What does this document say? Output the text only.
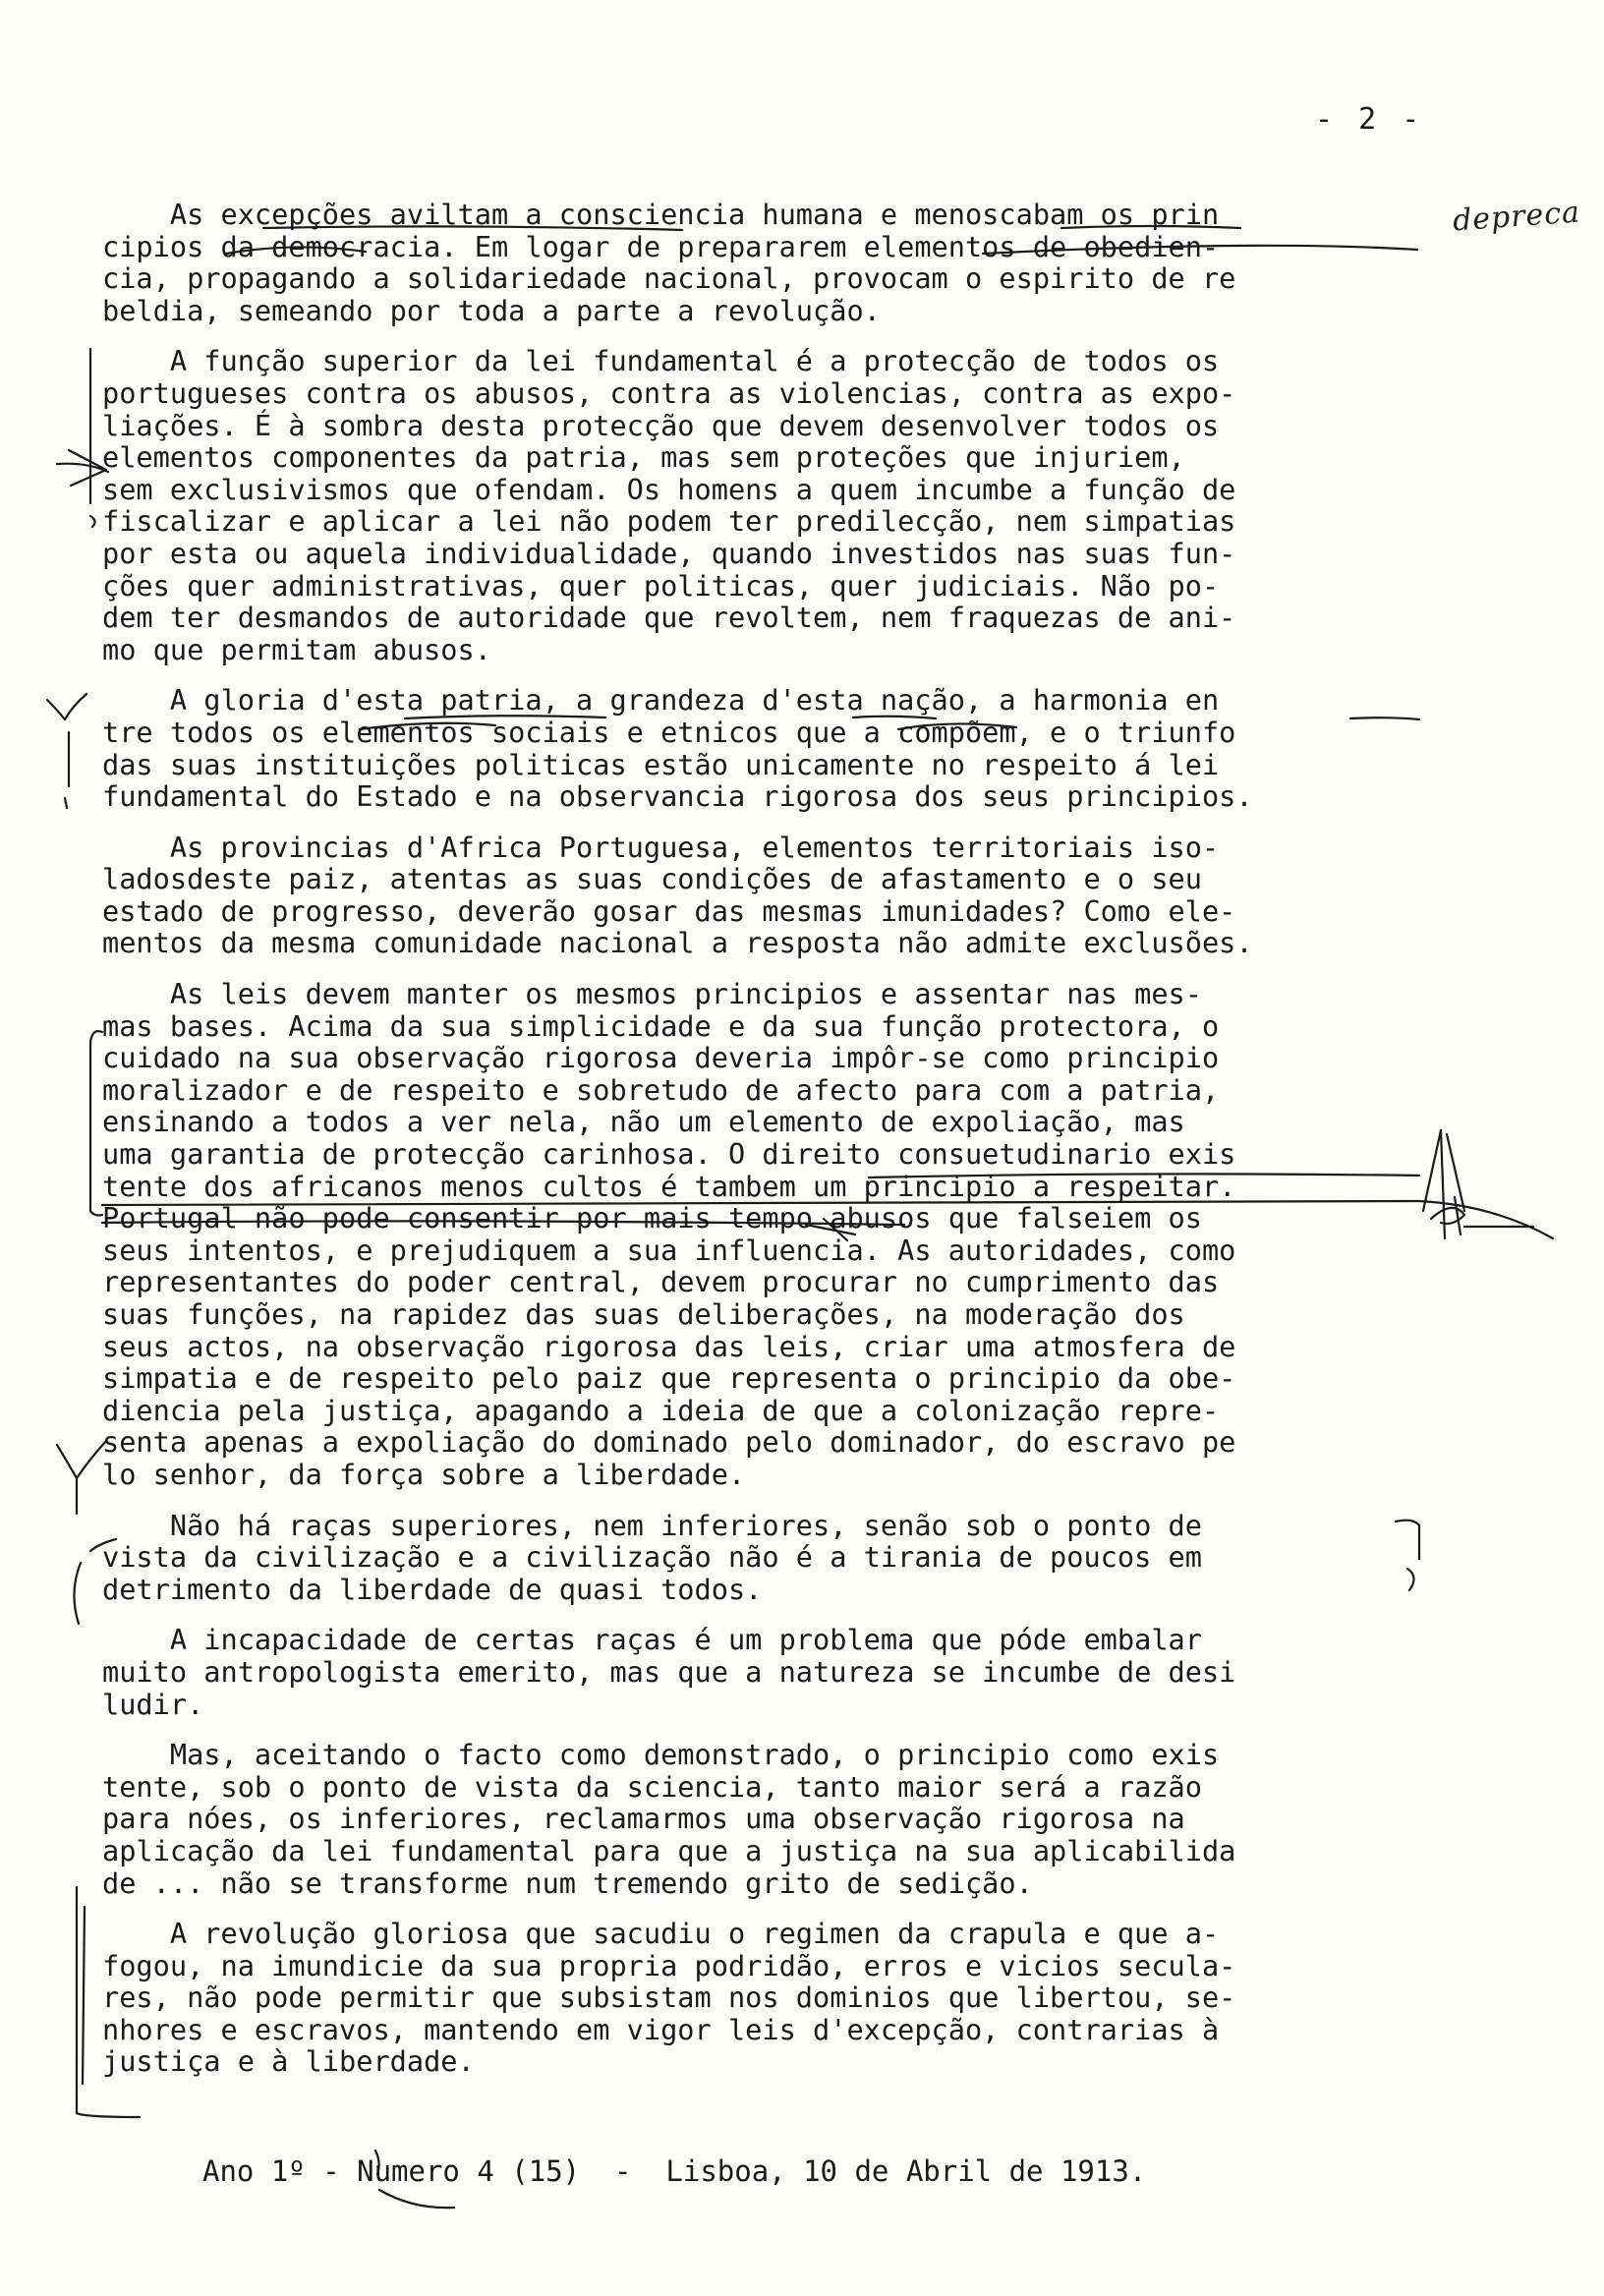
- 2 -
depreca
As excepções aviltam a consciencia humana e menoscabam os prin
cipios da democracia. Em logar de prepararem elementos de obedien-
cia, propagando a solidariedade nacional, provocam o espirito de re
beldia, semeando por toda a parte a revolução.
A função superior da lei fundamental é a protecção de todos os
portugueses contra os abusos, contra as violencias, contra as expo-
liações. É à sombra desta protecção que devem desenvolver todos os
elementos componentes da patria, mas sem proteções que injuriem,
sem exclusivismos que ofendam. Os homens a quem incumbe a função de
fiscalizar e aplicar a lei não podem ter predilecção, nem simpatias
por esta ou aquela individualidade, quando investidos nas suas fun-
ções quer administrativas, quer politicas, quer judiciais. Não po-
dem ter desmandos de autoridade que revoltem, nem fraquezas de ani-
mo que permitam abusos.
A gloria d'esta patria, a grandeza d'esta nação, a harmonia en
tre todos os elementos sociais e etnicos que a compõem, e o triunfo
das suas instituições politicas estão unicamente no respeito á lei
fundamental do Estado e na observancia rigorosa dos seus principios.
As provincias d'Africa Portuguesa, elementos territoriais iso-
ladosdeste paiz, atentas as suas condições de afastamento e o seu
estado de progresso, deverão gosar das mesmas imunidades? Como ele-
mentos da mesma comunidade nacional a resposta não admite exclusões.
As leis devem manter os mesmos principios e assentar nas mes-
mas bases. Acima da sua simplicidade e da sua função protectora, o
cuidado na sua observação rigorosa deveria impôr-se como principio
moralizador e de respeito e sobretudo de afecto para com a patria,
ensinando a todos a ver nela, não um elemento de expoliação, mas
uma garantia de protecção carinhosa. O direito consuetudinario exis
tente dos africanos menos cultos é tambem um principio a respeitar.
Portugal não pode consentir por mais tempo abusos que falseiem os
seus intentos, e prejudiquem a sua influencia. As autoridades, como
representantes do poder central, devem procurar no cumprimento das
suas funções, na rapidez das suas deliberações, na moderação dos
seus actos, na observação rigorosa das leis, criar uma atmosfera de
simpatia e de respeito pelo paiz que representa o principio da obe-
diencia pela justiça, apagando a ideia de que a colonização repre-
senta apenas a expoliação do dominado pelo dominador, do escravo pe
lo senhor, da força sobre a liberdade.
Não há raças superiores, nem inferiores, senão sob o ponto de
vista da civilização e a civilização não é a tirania de poucos em
detrimento da liberdade de quasi todos.
A incapacidade de certas raças é um problema que póde embalar
muito antropologista emerito, mas que a natureza se incumbe de desi
ludir.
Mas, aceitando o facto como demonstrado, o principio como exis
tente, sob o ponto de vista da sciencia, tanto maior será a razão
para nóes, os inferiores, reclamarmos uma observação rigorosa na
aplicação da lei fundamental para que a justiça na sua aplicabilida
de ... não se transforme num tremendo grito de sedição.
A revolução gloriosa que sacudiu o regimen da crapula e que a-
fogou, na imundicie da sua propria podridão, erros e vicios secula-
res, não pode permitir que subsistam nos dominios que libertou, se-
nhores e escravos, mantendo em vigor leis d'excepção, contrarias à
justiça e à liberdade.
Ano 1º - Numero 4 (15)  -  Lisboa, 10 de Abril de 1913.
